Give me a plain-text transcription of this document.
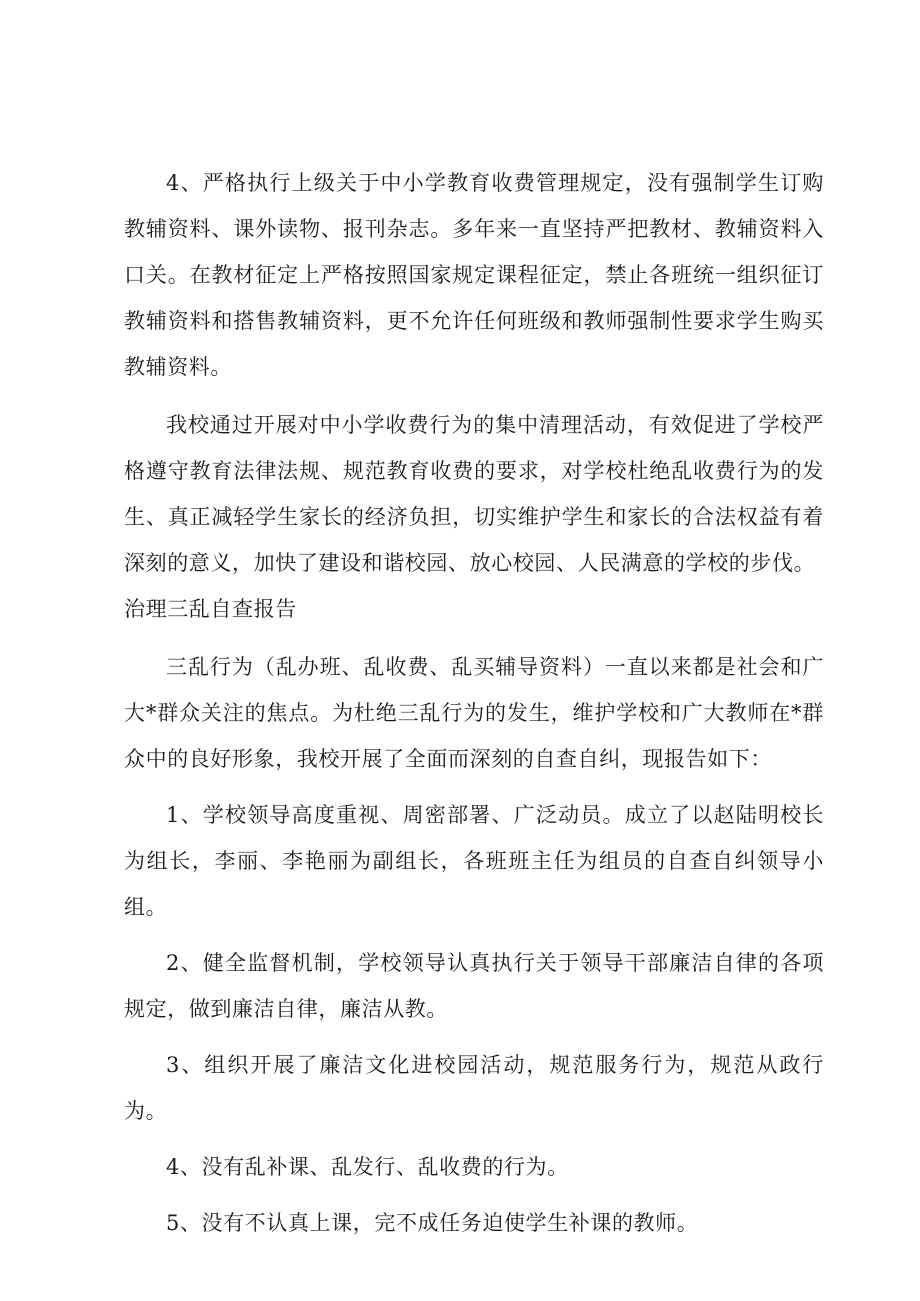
4、严格执行上级关于中小学教育收费管理规定，没有强制学生订购教辅资料、课外读物、报刊杂志。多年来一直坚持严把教材、教辅资料入口关。在教材征定上严格按照国家规定课程征定，禁止各班统一组织征订教辅资料和搭售教辅资料，更不允许任何班级和教师强制性要求学生购买教辅资料。

我校通过开展对中小学收费行为的集中清理活动，有效促进了学校严格遵守教育法律法规、规范教育收费的要求，对学校杜绝乱收费行为的发生、真正减轻学生家长的经济负担，切实维护学生和家长的合法权益有着深刻的意义，加快了建设和谐校园、放心校园、人民满意的学校的步伐。

治理三乱自查报告

三乱行为（乱办班、乱收费、乱买辅导资料）一直以来都是社会和广大*群众关注的焦点。为杜绝三乱行为的发生，维护学校和广大教师在*群众中的良好形象，我校开展了全面而深刻的自查自纠，现报告如下：

1、学校领导高度重视、周密部署、广泛动员。成立了以赵陆明校长为组长，李丽、李艳丽为副组长，各班班主任为组员的自查自纠领导小组。

2、健全监督机制，学校领导认真执行关于领导干部廉洁自律的各项规定，做到廉洁自律，廉洁从教。

3、组织开展了廉洁文化进校园活动，规范服务行为，规范从政行为。

4、没有乱补课、乱发行、乱收费的行为。

5、没有不认真上课，完不成任务迫使学生补课的教师。
